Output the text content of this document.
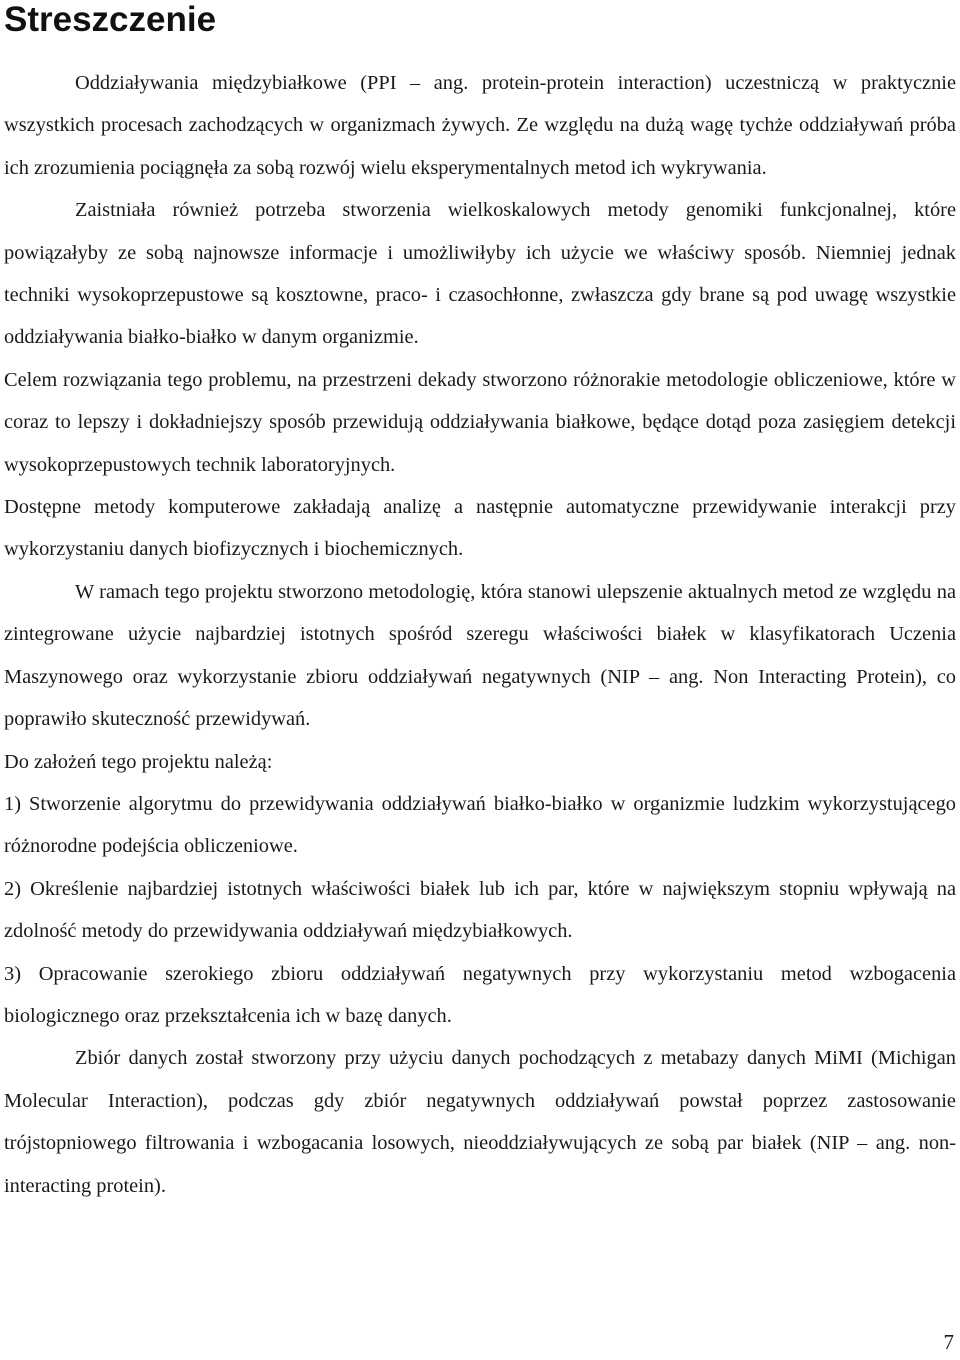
Streszczenie

Oddziaływania międzybiałkowe (PPI – ang. protein-protein interaction) uczestniczą w praktycznie wszystkich procesach zachodzących w organizmach żywych. Ze względu na dużą wagę tychże oddziaływań próba ich zrozumienia pociągnęła za sobą rozwój wielu eksperymentalnych metod ich wykrywania.

Zaistniała również potrzeba stworzenia wielkoskalowych metody genomiki funkcjonalnej, które powiązałyby ze sobą najnowsze informacje i umożliwiłyby ich użycie we właściwy sposób. Niemniej jednak techniki wysokoprzepustowe są kosztowne, praco- i czasochłonne, zwłaszcza gdy brane są pod uwagę wszystkie oddziaływania białko-białko w danym organizmie.

Celem rozwiązania tego problemu, na przestrzeni dekady stworzono różnorakie metodologie obliczeniowe, które w coraz to lepszy i dokładniejszy sposób przewidują oddziaływania białkowe, będące dotąd poza zasięgiem detekcji wysokoprzepustowych technik laboratoryjnych.

Dostępne metody komputerowe zakładają analizę a następnie automatyczne przewidywanie interakcji przy wykorzystaniu danych biofizycznych i biochemicznych.

W ramach tego projektu stworzono metodologię, która stanowi ulepszenie aktualnych metod ze względu na zintegrowane użycie najbardziej istotnych spośród szeregu właściwości białek w klasyfikatorach Uczenia Maszynowego oraz wykorzystanie zbioru oddziaływań negatywnych (NIP – ang. Non Interacting Protein), co poprawiło skuteczność przewidywań.

Do założeń tego projektu należą:

1) Stworzenie algorytmu do przewidywania oddziaływań białko-białko w organizmie ludzkim wykorzystującego różnorodne podejścia obliczeniowe.

2) Określenie najbardziej istotnych właściwości białek lub ich par, które w największym stopniu wpływają na zdolność metody do przewidywania oddziaływań międzybiałkowych.

3) Opracowanie szerokiego zbioru oddziaływań negatywnych przy wykorzystaniu metod wzbogacenia biologicznego oraz przekształcenia ich w bazę danych.

Zbiór danych został stworzony przy użyciu danych pochodzących z metabazy danych MiMI (Michigan Molecular Interaction), podczas gdy zbiór negatywnych oddziaływań powstał poprzez zastosowanie trójstopniowego filtrowania i wzbogacania losowych, nieoddziaływujących ze sobą par białek (NIP – ang. non-interacting protein).

7
